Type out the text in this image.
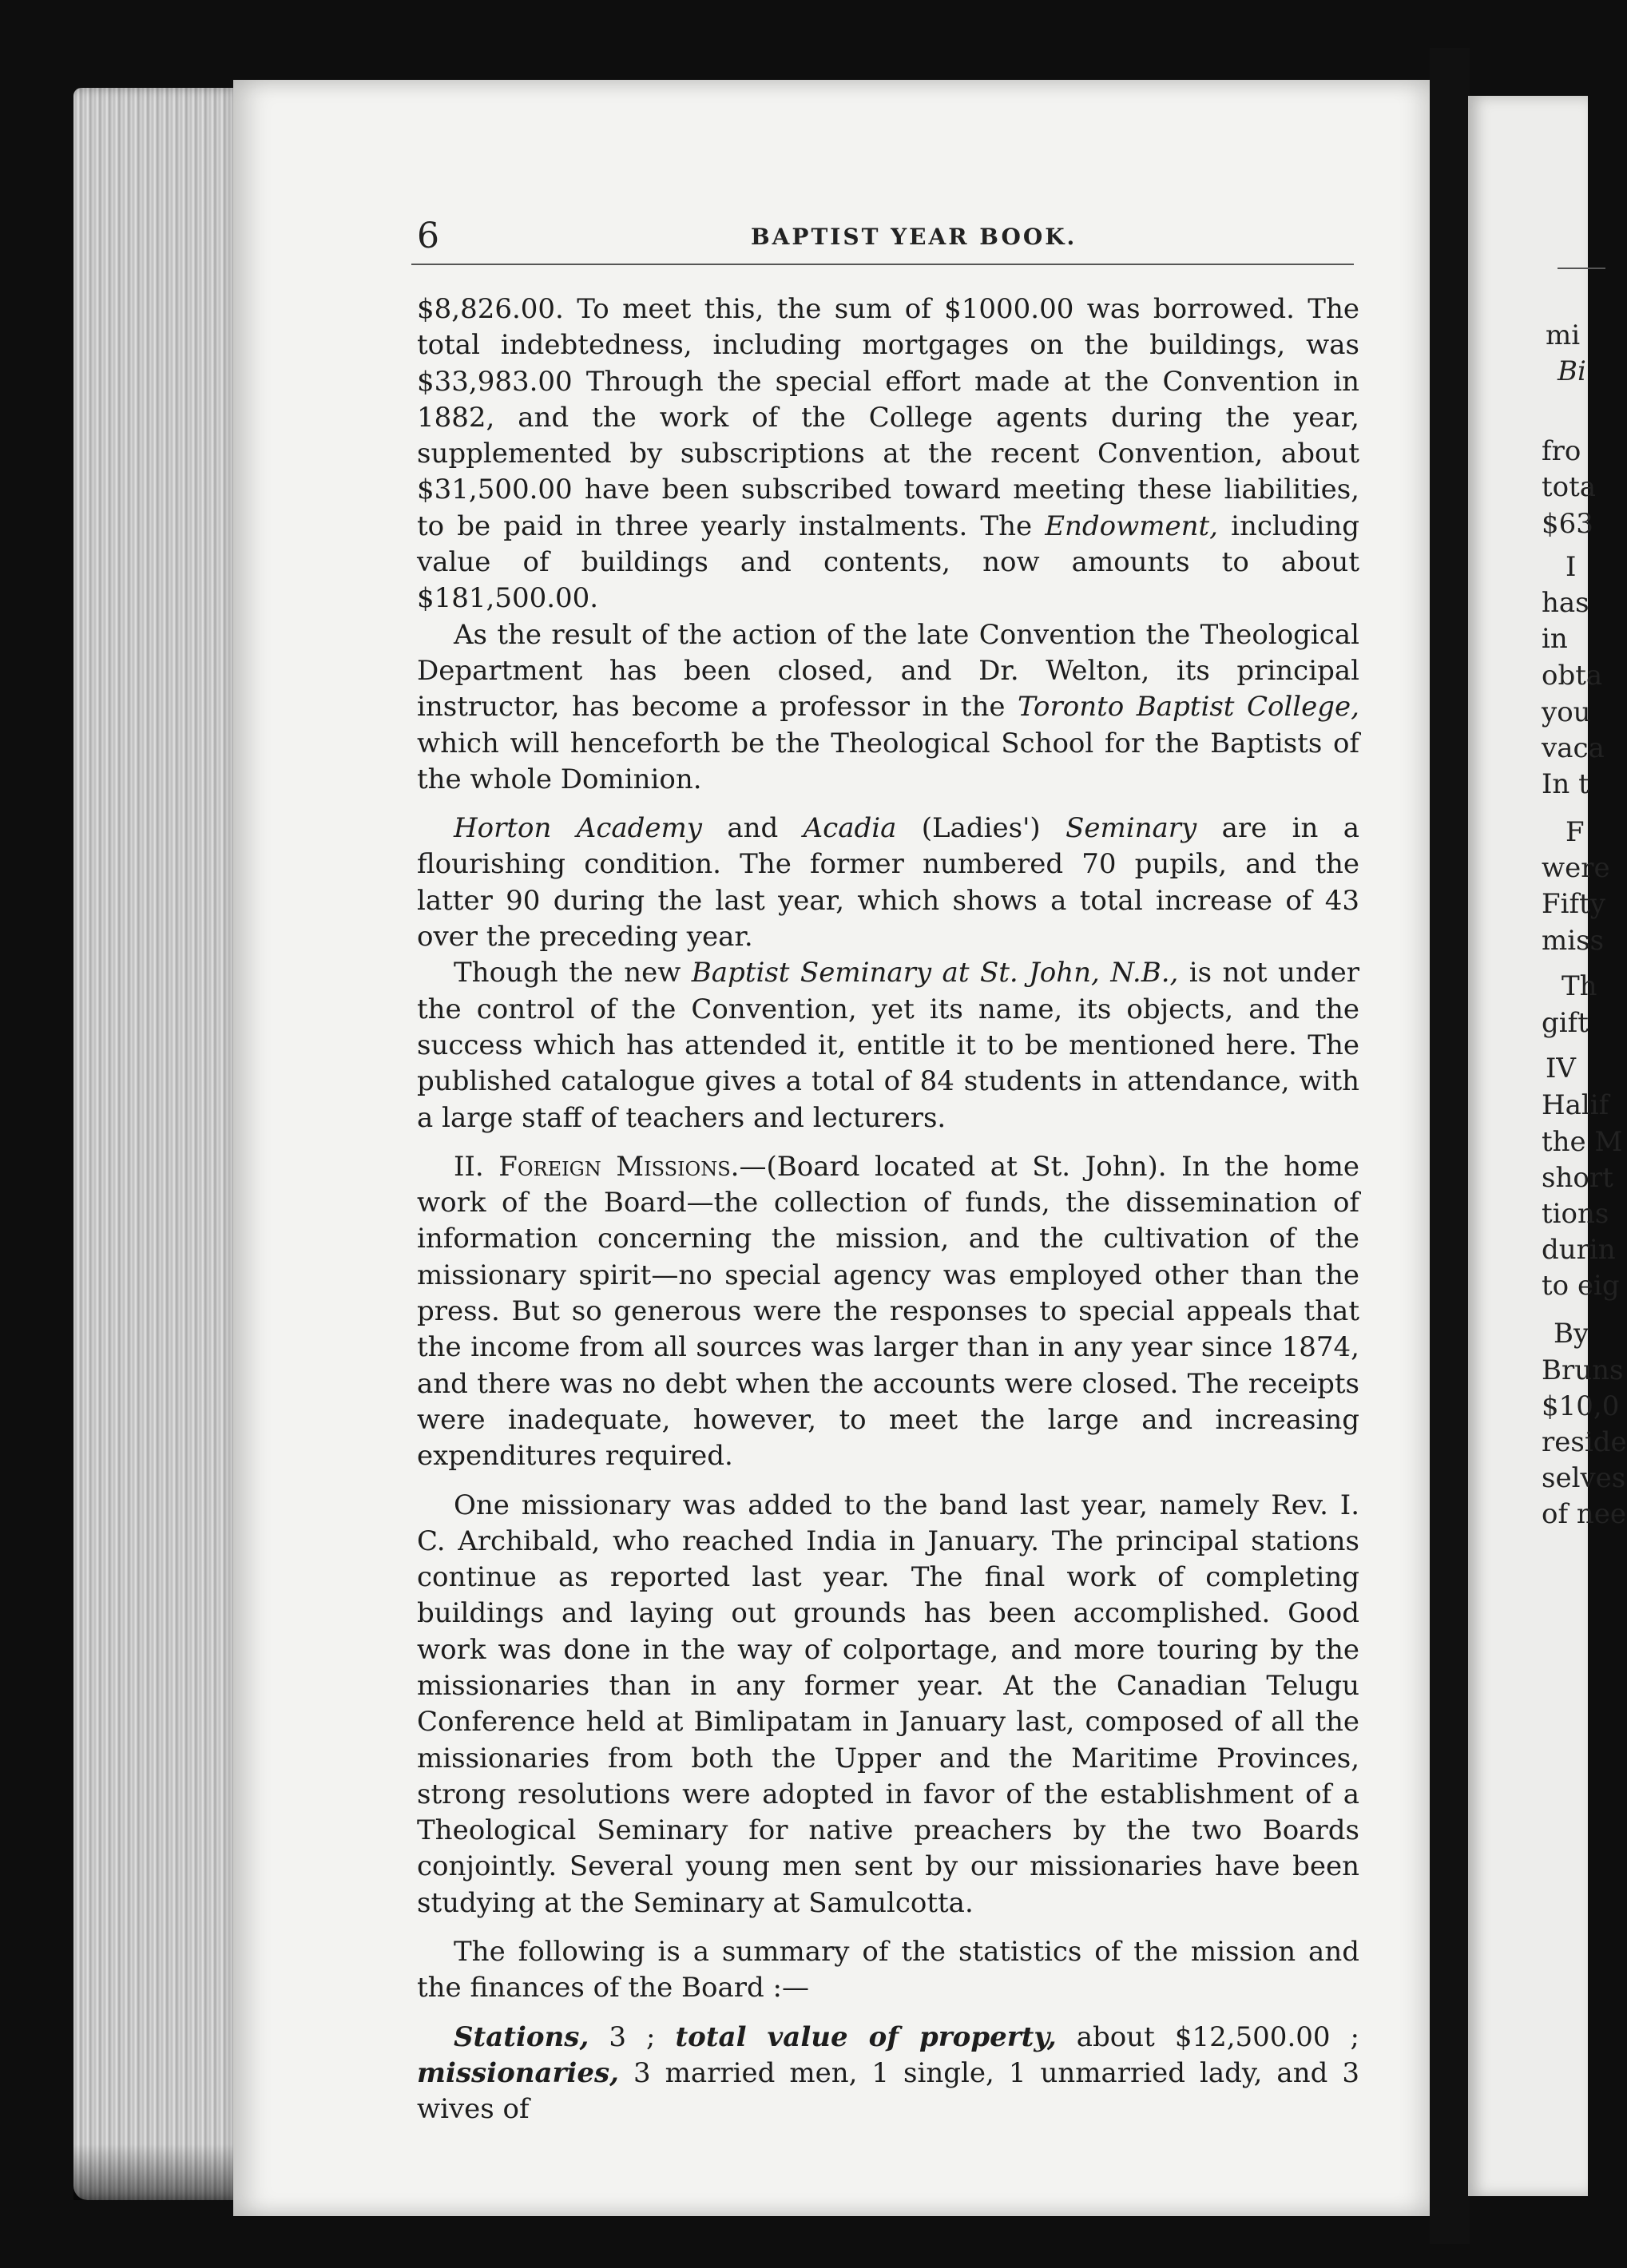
6	BAPTIST YEAR BOOK.

$8,826.00. To meet this, the sum of $1000.00 was borrowed. The total indebtedness, including mortgages on the buildings, was $33,983.00 Through the special effort made at the Convention in 1882, and the work of the College agents during the year, supplemented by subscriptions at the recent Convention, about $31,500.00 have been subscribed toward meeting these liabilities, to be paid in three yearly instalments. The Endowment, including value of buildings and contents, now amounts to about $181,500.00.

As the result of the action of the late Convention the Theological Department has been closed, and Dr. Welton, its principal instructor, has become a professor in the Toronto Baptist College, which will henceforth be the Theological School for the Baptists of the whole Dominion.

Horton Academy and Acadia (Ladies') Seminary are in a flourishing condition. The former numbered 70 pupils, and the latter 90 during the last year, which shows a total increase of 43 over the preceding year.

Though the new Baptist Seminary at St. John, N.B., is not under the control of the Convention, yet its name, its objects, and the success which has attended it, entitle it to be mentioned here. The published catalogue gives a total of 84 students in attendance, with a large staff of teachers and lecturers.

II. Foreign Missions.—(Board located at St. John). In the home work of the Board—the collection of funds, the dissemination of information concerning the mission, and the cultivation of the missionary spirit—no special agency was employed other than the press. But so generous were the responses to special appeals that the income from all sources was larger than in any year since 1874, and there was no debt when the accounts were closed. The receipts were inadequate, however, to meet the large and increasing expenditures required.

One missionary was added to the band last year, namely Rev. I. C. Archibald, who reached India in January. The principal stations continue as reported last year. The final work of completing buildings and laying out grounds has been accomplished. Good work was done in the way of colportage, and more touring by the missionaries than in any former year. At the Canadian Telugu Conference held at Bimlipatam in January last, composed of all the missionaries from both the Upper and the Maritime Provinces, strong resolutions were adopted in favor of the establishment of a Theological Seminary for native preachers by the two Boards conjointly. Several young men sent by our missionaries have been studying at the Seminary at Samulcotta.

The following is a summary of the statistics of the mission and the finances of the Board :—

Stations, 3 ; total value of property, about $12,500.00 ; missionaries, 3 married men, 1 single, 1 unmarried lady, and 3 wives of

mi
Bi
fro
tota
$63
I
has
in
obta
you
vaca
In t
F
were
Fifty
miss
Th
gift
IV
Halif
the M
short
tions
durin
to eig
By
Bruns
$10,0
reside
selves
of nee
